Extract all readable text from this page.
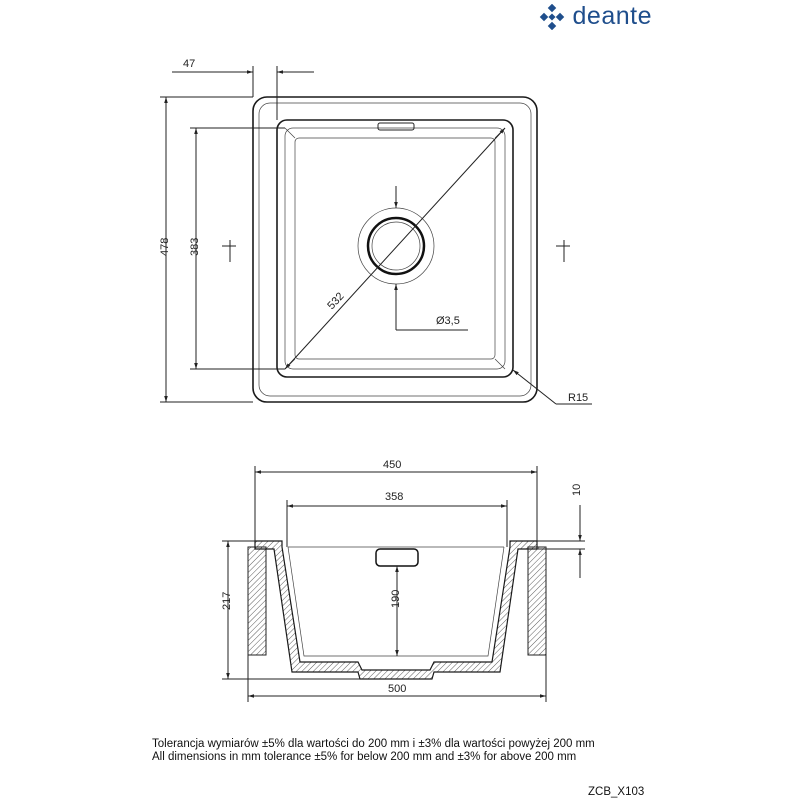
deante
Ø3,5
532
R15
47
478 383
450
358
10
190
217
500
Tolerancja wymiarów ±5% dla wartości do 200 mm i ±3% dla wartości powyżej 200 mm
All dimensions in mm tolerance ±5% for below 200 mm and ±3% for above 200 mm
ZCB_X103
